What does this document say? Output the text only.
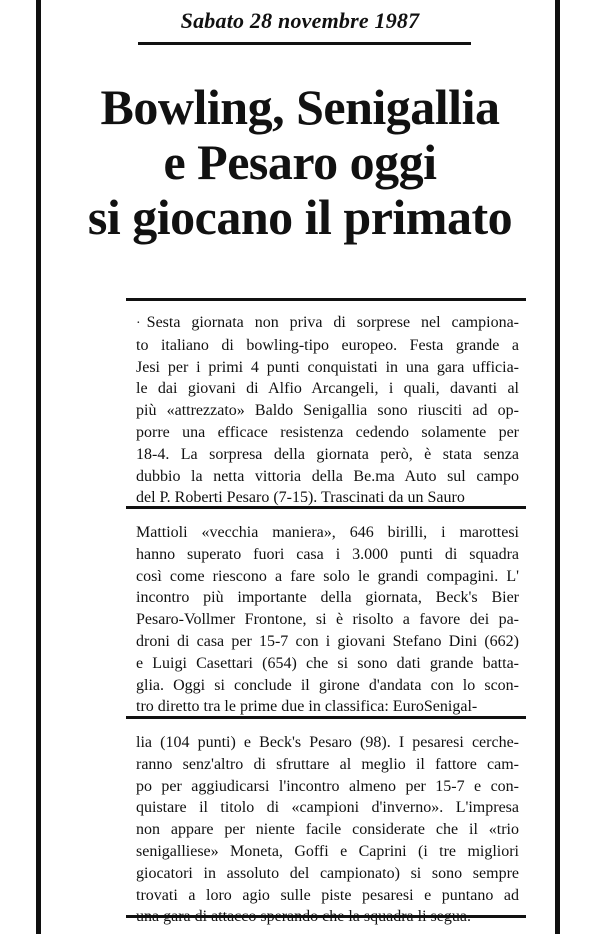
Sabato 28 novembre 1987
Bowling, Senigallia
e Pesaro oggi
si giocano il primato
· Sesta giornata non priva di sorprese nel campiona-
to italiano di bowling-tipo europeo. Festa grande a
Jesi per i primi 4 punti conquistati in una gara ufficia-
le dai giovani di Alfio Arcangeli, i quali, davanti al
più «attrezzato» Baldo Senigallia sono riusciti ad op-
porre una efficace resistenza cedendo solamente per
18-4. La sorpresa della giornata però, è stata senza
dubbio la netta vittoria della Be.ma Auto sul campo
del P. Roberti Pesaro (7-15). Trascinati da un Sauro
Mattioli «vecchia maniera», 646 birilli, i marottesi
hanno superato fuori casa i 3.000 punti di squadra
così come riescono a fare solo le grandi compagini. L'
incontro più importante della giornata, Beck's Bier
Pesaro-Vollmer Frontone, si è risolto a favore dei pa-
droni di casa per 15-7 con i giovani Stefano Dini (662)
e Luigi Casettari (654) che si sono dati grande batta-
glia. Oggi si conclude il girone d'andata con lo scon-
tro diretto tra le prime due in classifica: EuroSenigal-
lia (104 punti) e Beck's Pesaro (98). I pesaresi cerche-
ranno senz'altro di sfruttare al meglio il fattore cam-
po per aggiudicarsi l'incontro almeno per 15-7 e con-
quistare il titolo di «campioni d'inverno». L'impresa
non appare per niente facile considerate che il «trio
senigalliese» Moneta, Goffi e Caprini (i tre migliori
giocatori in assoluto del campionato) si sono sempre
trovati a loro agio sulle piste pesaresi e puntano ad
